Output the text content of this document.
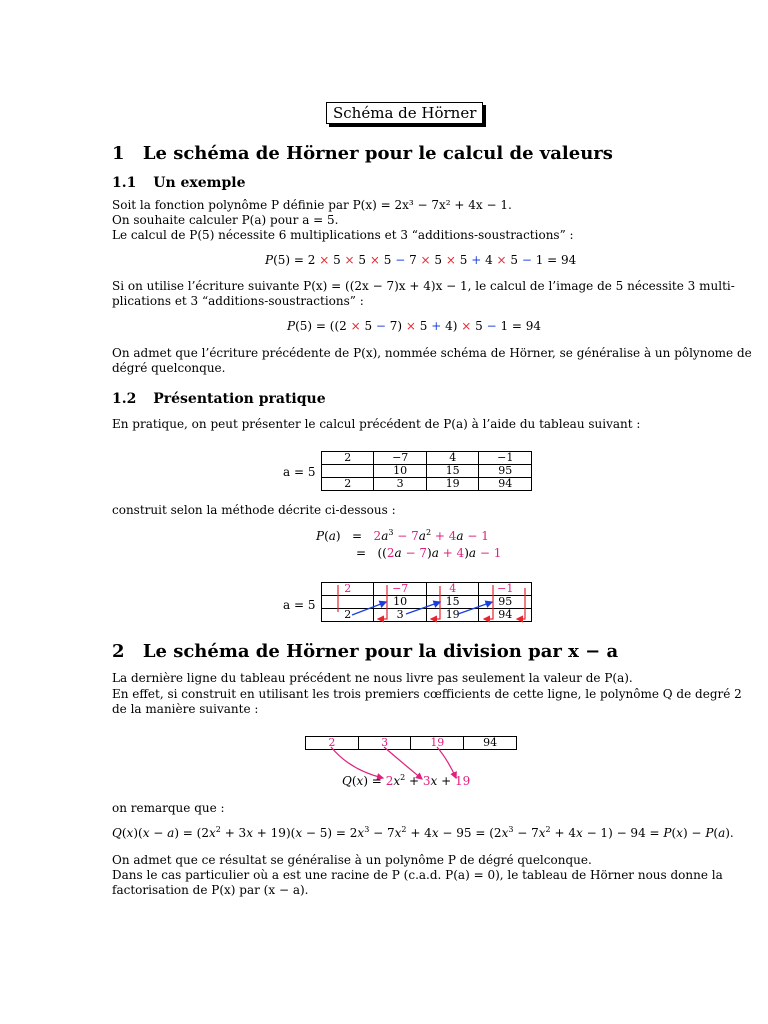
Schéma de Hörner
1 Le schéma de Hörner pour le calcul de valeurs
1.1 Un exemple
Soit la fonction polynôme P définie par P(x) = 2x³ − 7x² + 4x − 1.
On souhaite calculer P(a) pour a = 5.
Le calcul de P(5) nécessite 6 multiplications et 3 “additions-soustractions” :
P(5) = 2 × 5 × 5 × 5 − 7 × 5 × 5 + 4 × 5 − 1 = 94
Si on utilise l’écriture suivante P(x) = ((2x − 7)x + 4)x − 1, le calcul de l’image de 5 nécessite 3 multi-
plications et 3 “additions-soustractions” :
P(5) = ((2 × 5 − 7) × 5 + 4) × 5 − 1 = 94
On admet que l’écriture précédente de P(x), nommée schéma de Hörner, se généralise à un pôlynome de
dégré quelconque.
1.2 Présentation pratique
En pratique, on peut présenter le calcul précédent de P(a) à l’aide du tableau suivant :
a = 5
2	−7	4	−1
	10	15	95
2	3	19	94
construit selon la méthode décrite ci-dessous :
$P(a) = 2a^3 - 7a^2 + 4a - 1$
=   ((2a − 7)a + 4)a − 1
a = 5
2	−7	4	−1
	10	15	95
2	3	19	94
2 Le schéma de Hörner pour la division par x − a
La dernière ligne du tableau précédent ne nous livre pas seulement la valeur de P(a).
En effet, si construit en utilisant les trois premiers cœfficients de cette ligne, le polynôme Q de degré 2
de la manière suivante :
2	3	19	94
$Q(x) = 2x^2 + 3x + 19$
on remarque que :
$Q(x)(x - a) = (2x^2 + 3x + 19)(x - 5) = 2x^3 - 7x^2 + 4x - 95 = (2x^3 - 7x^2 + 4x - 1) - 94 = P(x) - P(a)$.
On admet que ce résultat se généralise à un polynôme P de dégré quelconque.
Dans le cas particulier où a est une racine de P (c.a.d. P(a) = 0), le tableau de Hörner nous donne la
factorisation de P(x) par (x − a).
